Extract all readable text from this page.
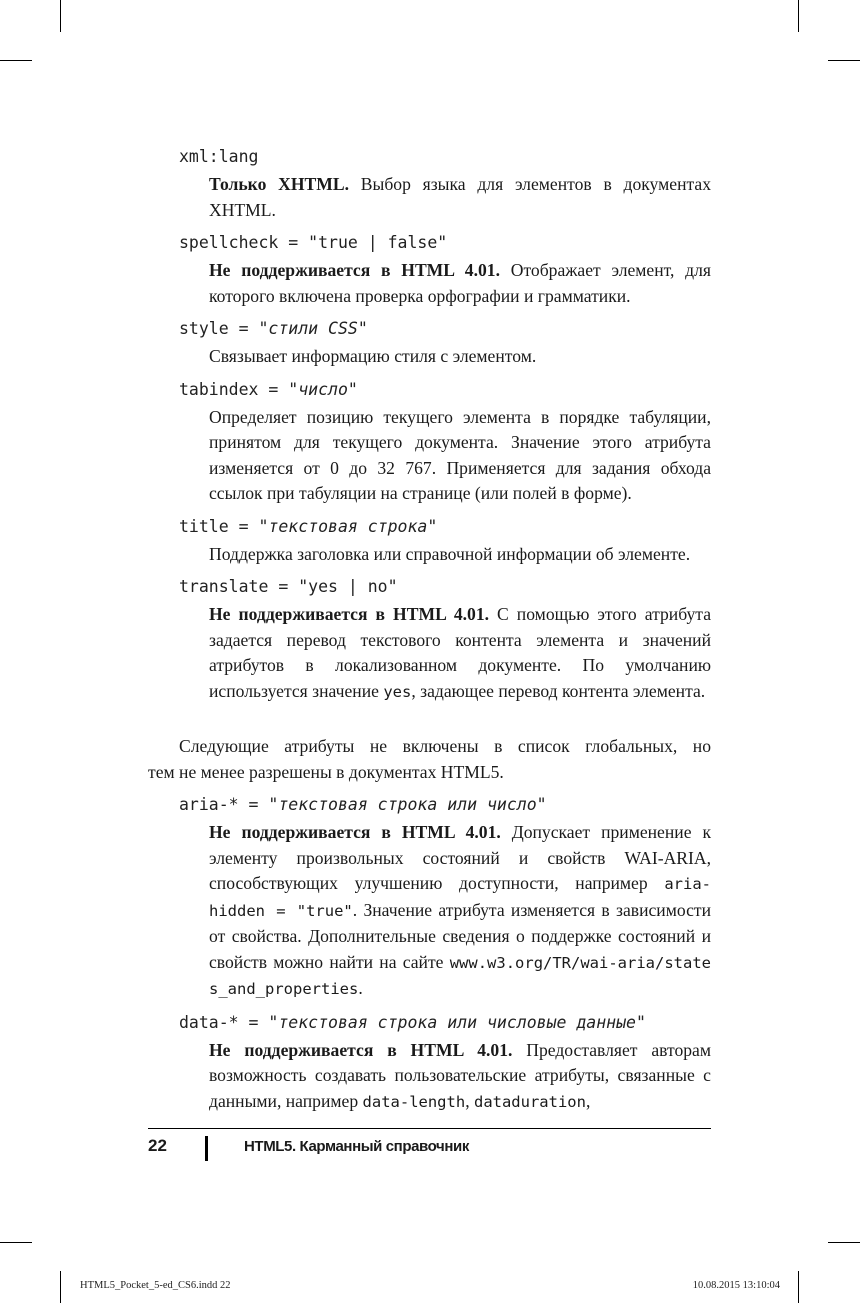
xml:lang
Только XHTML. Выбор языка для элементов в документах XHTML.
spellcheck = "true | false"
Не поддерживается в HTML 4.01. Отображает элемент, для которого включена проверка орфографии и грамматики.
style = "стили CSS"
Связывает информацию стиля с элементом.
tabindex = "число"
Определяет позицию текущего элемента в порядке табуляции, принятом для текущего документа. Значение этого атрибута изменяется от 0 до 32 767. Применяется для задания обхода ссылок при табуляции на странице (или полей в форме).
title = "текстовая строка"
Поддержка заголовка или справочной информации об элементе.
translate = "yes | no"
Не поддерживается в HTML 4.01. С помощью этого атрибута задается перевод текстового контента элемента и значений атрибутов в локализованном документе. По умолчанию используется значение yes, задающее перевод контента элемента.
Следующие атрибуты не включены в список глобальных, но
тем не менее разрешены в документах HTML5.
aria-* = "текстовая строка или число"
Не поддерживается в HTML 4.01. Допускает применение к элементу произвольных состояний и свойств WAI-ARIA, способствующих улучшению доступности, например aria-hidden = "true". Значение атрибута изменяется в зависимости от свойства. Дополнительные сведения о поддержке состояний и свойств можно найти на сайте www.w3.org/TR/wai-aria/states_and_properties.
data-* = "текстовая строка или числовые данные"
Не поддерживается в HTML 4.01. Предоставляет авторам возможность создавать пользовательские атрибуты, связанные с данными, например data-length, dataduration,
22	HTML5. Карманный справочник
HTML5_Pocket_5-ed_CS6.indd 22	10.08.2015 13:10:04
